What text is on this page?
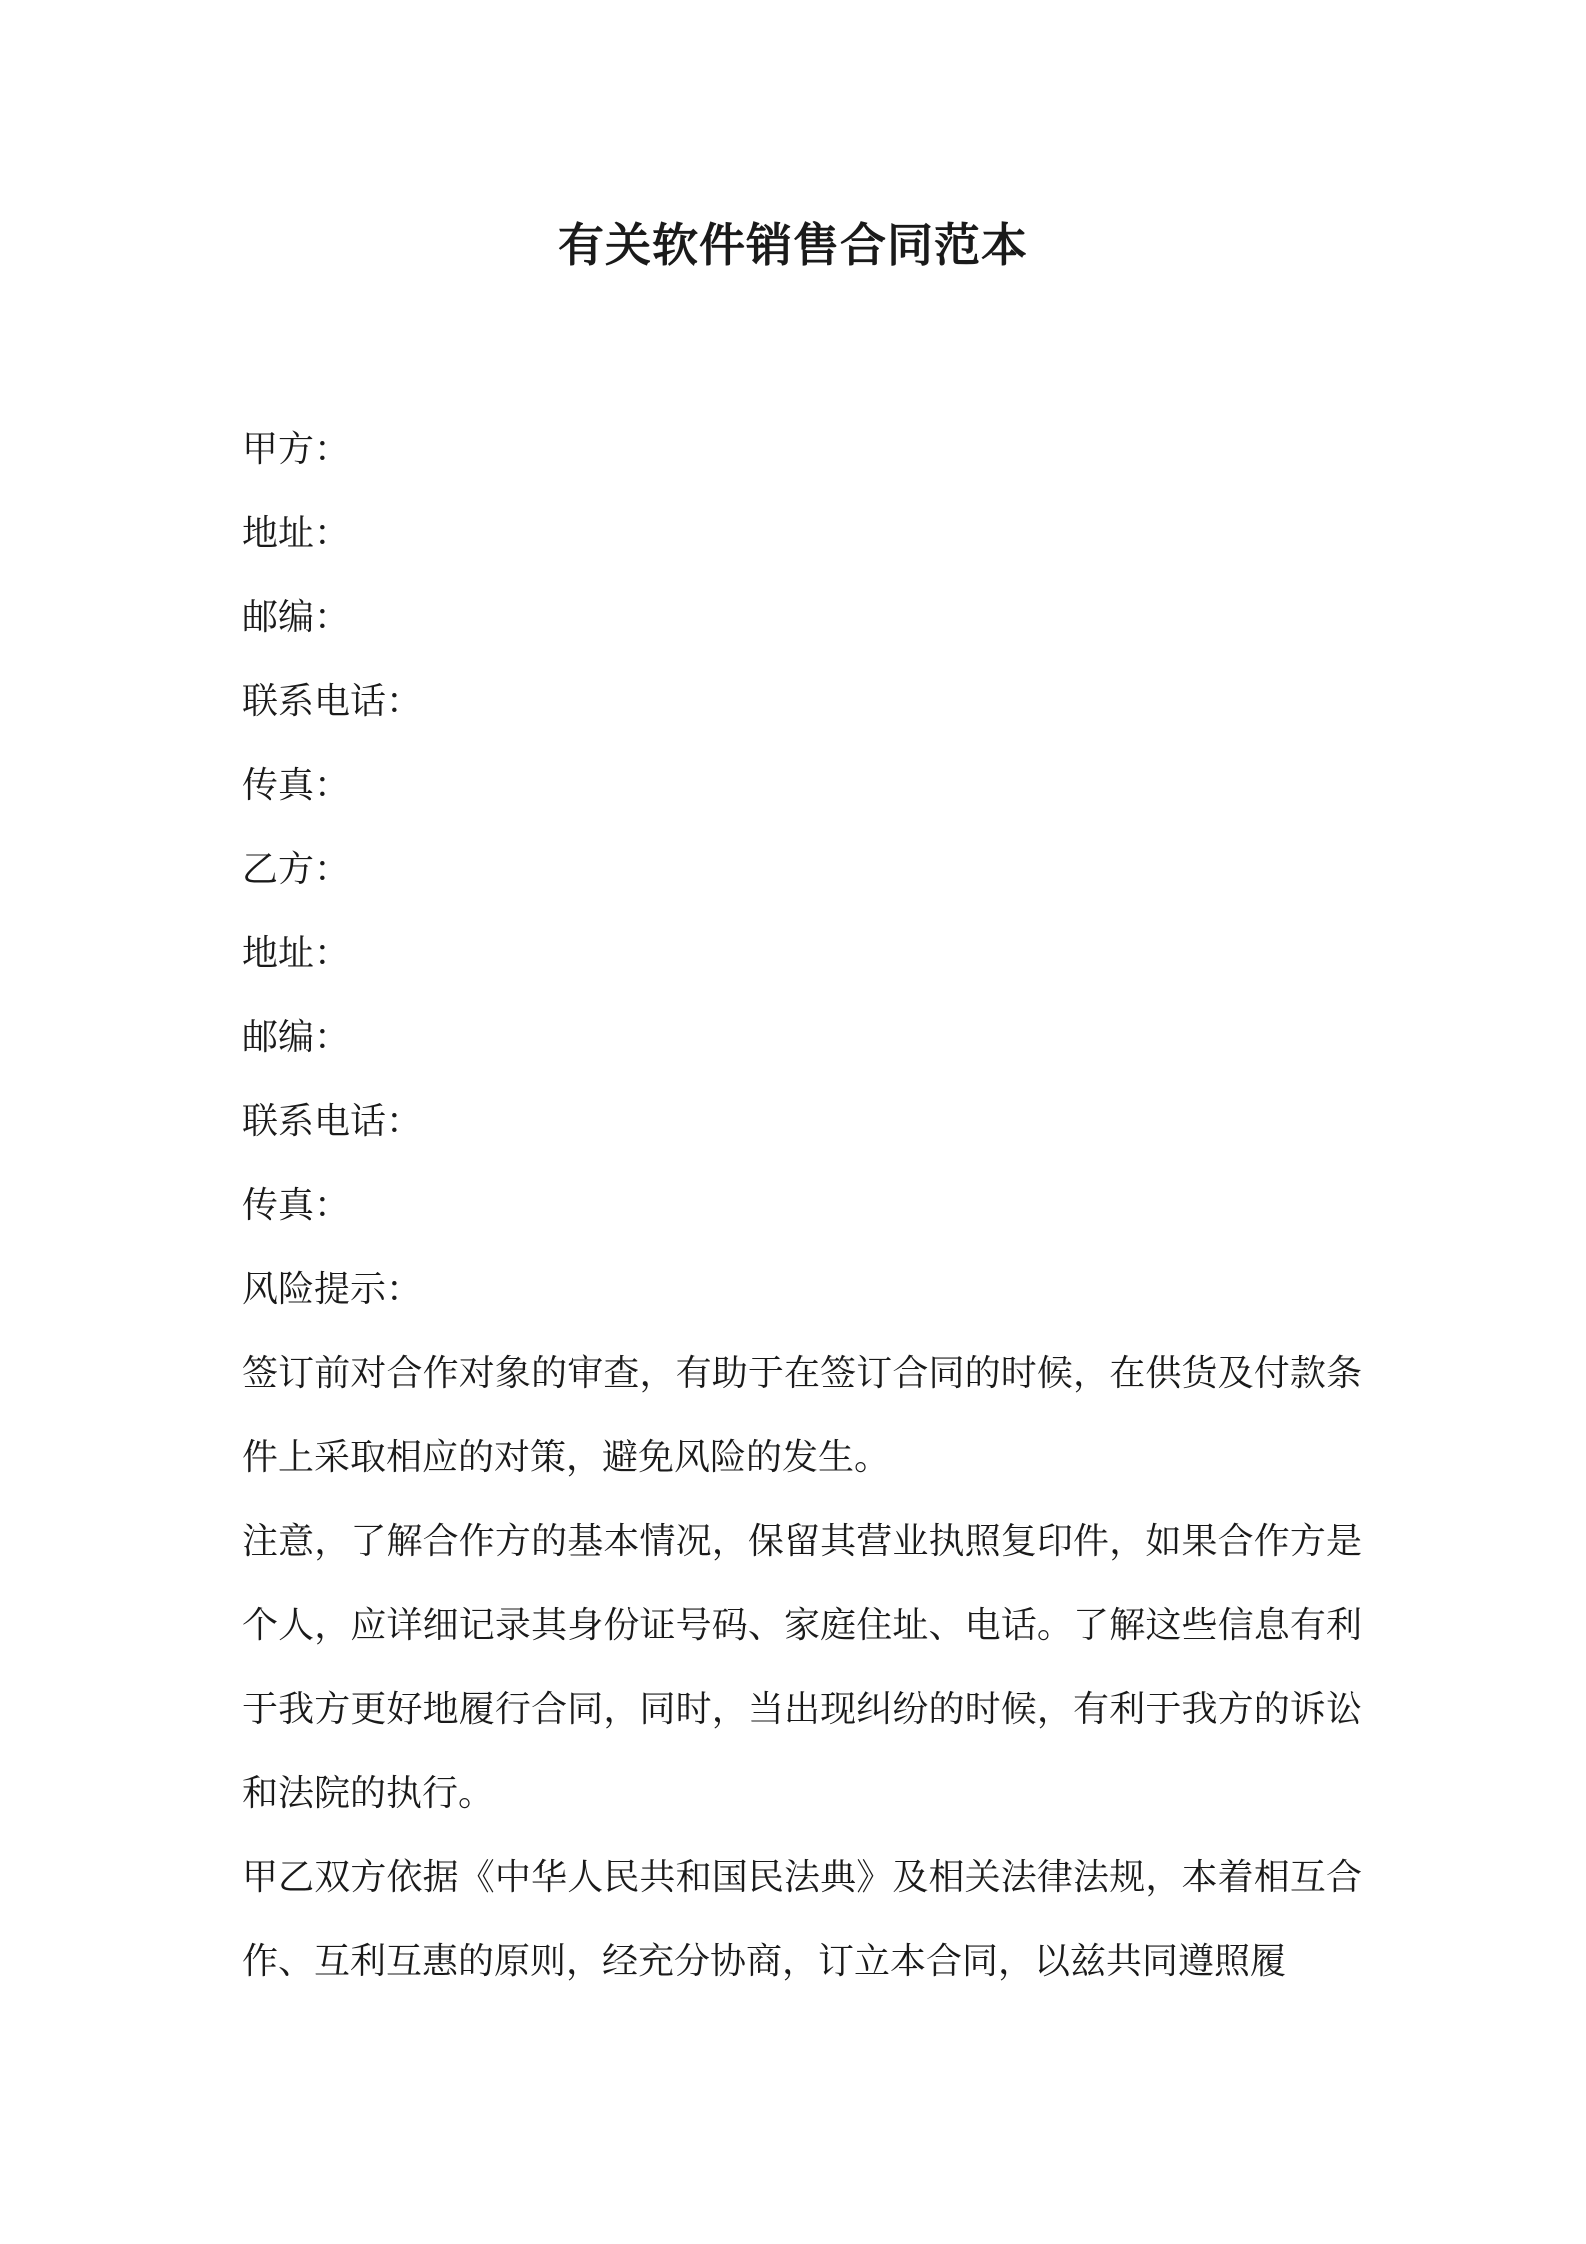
有关软件销售合同范本

甲方：

地址：

邮编：

联系电话：

传真：

乙方：

地址：

邮编：

联系电话：

传真：

风险提示：

签订前对合作对象的审查，有助于在签订合同的时候，在供货及付款条件上采取相应的对策，避免风险的发生。

注意，了解合作方的基本情况，保留其营业执照复印件，如果合作方是个人，应详细记录其身份证号码、家庭住址、电话。了解这些信息有利于我方更好地履行合同，同时，当出现纠纷的时候，有利于我方的诉讼和法院的执行。

甲乙双方依据《中华人民共和国民法典》及相关法律法规，本着相互合作、互利互惠的原则，经充分协商，订立本合同，以兹共同遵照履
